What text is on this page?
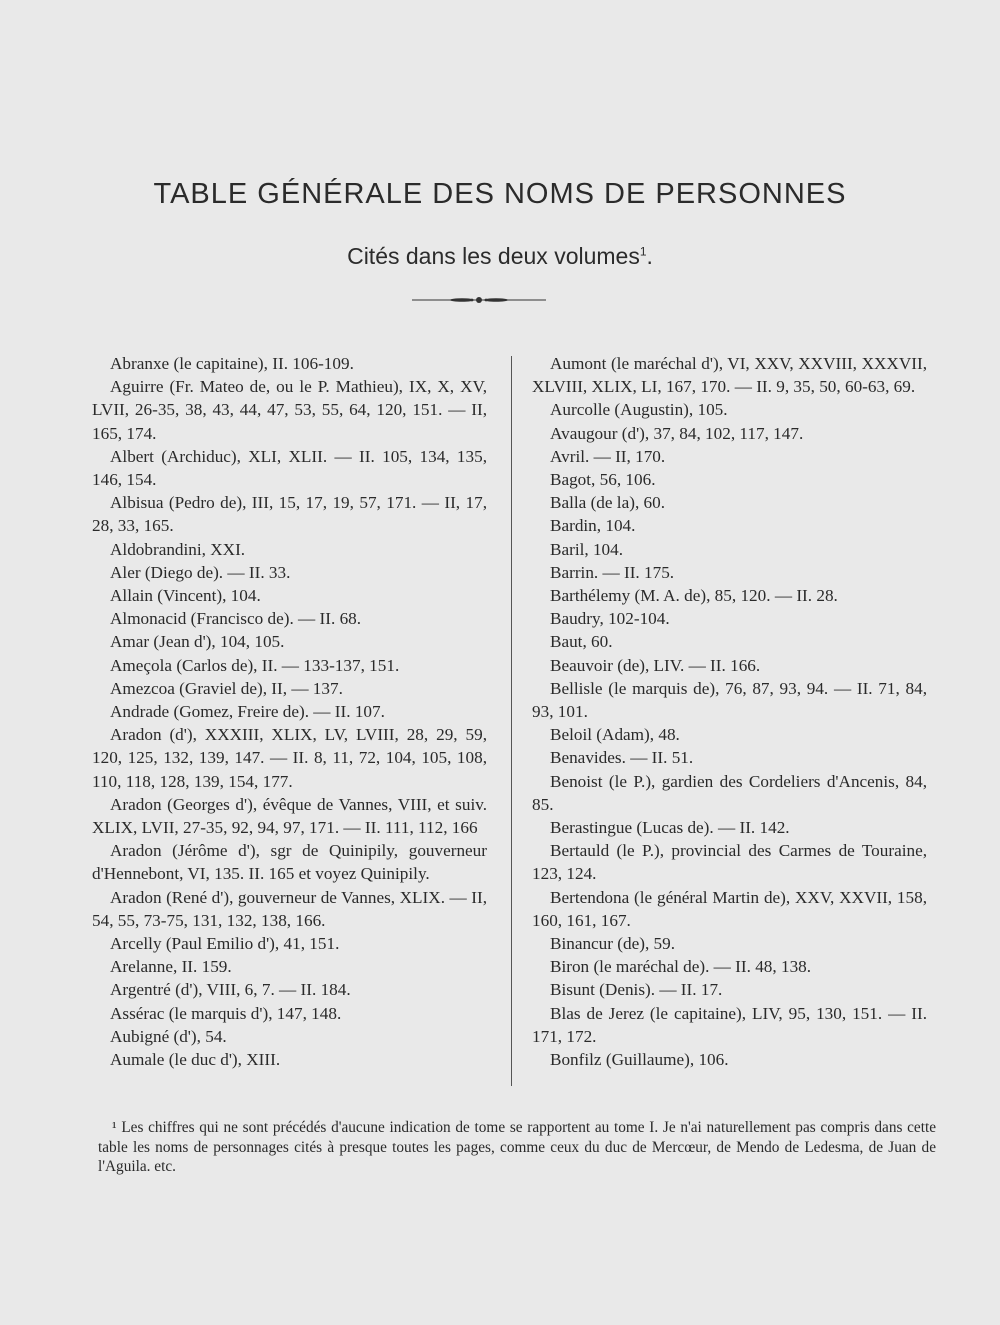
TABLE GÉNÉRALE DES NOMS DE PERSONNES
Cités dans les deux volumes$^1$.

Abranxe (le capitaine), II. 106-109.

Aguirre (Fr. Mateo de, ou le P. Mathieu), IX, X, XV, LVII, 26-35, 38, 43, 44, 47, 53, 55, 64, 120, 151. — II, 165, 174.

Albert (Archiduc), XLI, XLII. — II. 105, 134, 135, 146, 154.

Albisua (Pedro de), III, 15, 17, 19, 57, 171. — II, 17, 28, 33, 165.

Aldobrandini, XXI.

Aler (Diego de). — II. 33.

Allain (Vincent), 104.

Almonacid (Francisco de). — II. 68.

Amar (Jean d'), 104, 105.

Ameçola (Carlos de), II. — 133-137, 151.

Amezcoa (Graviel de), II, — 137.

Andrade (Gomez, Freire de). — II. 107.

Aradon (d'), XXXIII, XLIX, LV, LVIII, 28, 29, 59, 120, 125, 132, 139, 147. — II. 8, 11, 72, 104, 105, 108, 110, 118, 128, 139, 154, 177.

Aradon (Georges d'), évêque de Vannes, VIII, et suiv. XLIX, LVII, 27-35, 92, 94, 97, 171. — II. 111, 112, 166

Aradon (Jérôme d'), sgr de Quinipily, gouverneur d'Hennebont, VI, 135. II. 165 et voyez Quinipily.

Aradon (René d'), gouverneur de Vannes, XLIX. — II, 54, 55, 73-75, 131, 132, 138, 166.

Arcelly (Paul Emilio d'), 41, 151.

Arelanne, II. 159.

Argentré (d'), VIII, 6, 7. — II. 184.

Assérac (le marquis d'), 147, 148.

Aubigné (d'), 54.

Aumale (le duc d'), XIII.

Aumont (le maréchal d'), VI, XXV, XXVIII, XXXVII, XLVIII, XLIX, LI, 167, 170. — II. 9, 35, 50, 60-63, 69.

Aurcolle (Augustin), 105.

Avaugour (d'), 37, 84, 102, 117, 147.

Avril. — II, 170.

Bagot, 56, 106.

Balla (de la), 60.

Bardin, 104.

Baril, 104.

Barrin. — II. 175.

Barthélemy (M. A. de), 85, 120. — II. 28.

Baudry, 102-104.

Baut, 60.

Beauvoir (de), LIV. — II. 166.

Bellisle (le marquis de), 76, 87, 93, 94. — II. 71, 84, 93, 101.

Beloil (Adam), 48.

Benavides. — II. 51.

Benoist (le P.), gardien des Cordeliers d'Ancenis, 84, 85.

Berastingue (Lucas de). — II. 142.

Bertauld (le P.), provincial des Carmes de Touraine, 123, 124.

Bertendona (le général Martin de), XXV, XXVII, 158, 160, 161, 167.

Binancur (de), 59.

Biron (le maréchal de). — II. 48, 138.

Bisunt (Denis). — II. 17.

Blas de Jerez (le capitaine), LIV, 95, 130, 151. — II. 171, 172.

Bonfilz (Guillaume), 106.

¹ Les chiffres qui ne sont précédés d'aucune indication de tome se rapportent au tome I. Je n'ai naturellement pas compris dans cette table les noms de personnages cités à presque toutes les pages, comme ceux du duc de Mercœur, de Mendo de Ledesma, de Juan de l'Aguila. etc.
